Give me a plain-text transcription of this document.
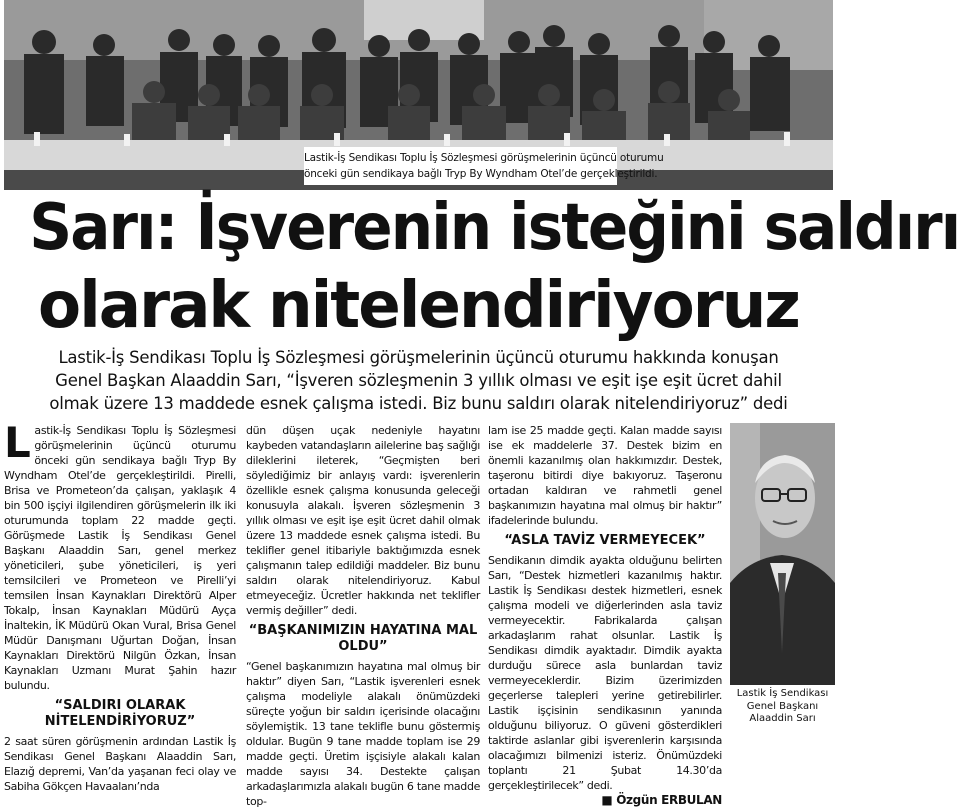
Lastik-İş Sendikası Toplu İş Sözleşmesi görüşmelerinin üçüncü oturumu
önceki gün sendikaya bağlı Tryp By Wyndham Otel’de gerçekleştirildi.
Sarı: İşverenin isteğini saldırı
olarak nitelendiriyoruz
Lastik-İş Sendikası Toplu İş Sözleşmesi görüşmelerinin üçüncü oturumu hakkında konuşan
Genel Başkan Alaaddin Sarı, “İşveren sözleşmenin 3 yıllık olması ve eşit işe eşit ücret dahil
olmak üzere 13 maddede esnek çalışma istedi. Biz bunu saldırı olarak nitelendiriyoruz” dedi

Lastik-İş Sendikası Toplu İş Sözleşmesi görüşmelerinin üçüncü oturumu önceki gün sendikaya bağlı Tryp By Wyndham Otel’de gerçekleştirildi. Pirelli, Brisa ve Prometeon’da çalışan, yaklaşık 4 bin 500 işçiyi ilgilendiren görüşmelerin ilk iki oturumunda toplam 22 madde geçti. Görüşmede Lastik İş Sendikası Genel Başkanı Alaaddin Sarı, genel merkez yöneticileri, şube yöneticileri, iş yeri temsilcileri ve Prometeon ve Pirelli’yi temsilen İnsan Kaynakları Direktörü Alper Tokalp, İnsan Kaynakları Müdürü Ayça İnaltekin, İK Müdürü Okan Vural, Brisa Genel Müdür Danışmanı Uğurtan Doğan, İnsan Kaynakları Direktörü Nilgün Özkan, İnsan Kaynakları Uzmanı Murat Şahin hazır bulundu.

“SALDIRI OLARAK NİTELENDİRİYORUZ”

2 saat süren görüşmenin ardından Lastik İş Sendikası Genel Başkanı Alaaddin Sarı, Elazığ depremi, Van’da yaşanan feci olay ve Sabiha Gökçen Havaalanı’nda

dün düşen uçak nedeniyle hayatını kaybeden vatandaşların ailelerine baş sağlığı dileklerini ileterek, “Geçmişten beri söylediğimiz bir anlayış vardı: işverenlerin özellikle esnek çalışma konusunda geleceği konusuyla alakalı. İşveren sözleşmenin 3 yıllık olması ve eşit işe eşit ücret dahil olmak üzere 13 maddede esnek çalışma istedi. Bu teklifler genel itibariyle baktığımızda esnek çalışmanın talep edildiği maddeler. Biz bunu saldırı olarak nitelendiriyoruz. Kabul etmeyeceğiz. Ücretler hakkında net teklifler vermiş değiller” dedi.

“BAŞKANIMIZIN HAYATINA MAL OLDU”

“Genel başkanımızın hayatına mal olmuş bir haktır” diyen Sarı, “Lastik işverenleri esnek çalışma modeliyle alakalı önümüzdeki süreçte yoğun bir saldırı içerisinde olacağını söylemiştik. 13 tane teklifle bunu göstermiş oldular. Bugün 9 tane madde toplam ise 29 madde geçti. Üretim işçisiyle alakalı kalan madde sayısı 34. Destekte çalışan arkadaşlarımızla alakalı bugün 6 tane madde top-

lam ise 25 madde geçti. Kalan madde sayısı ise ek maddelerle 37. Destek bizim en önemli kazanılmış olan hakkımızdır. Destek, taşeronu bitirdi diye bakıyoruz. Taşeronu ortadan kaldıran ve rahmetli genel başkanımızın hayatına mal olmuş bir haktır” ifadelerinde bulundu.

“ASLA TAVİZ VERMEYECEK”

Sendikanın dimdik ayakta olduğunu belirten Sarı, “Destek hizmetleri kazanılmış haktır. Lastik İş Sendikası destek hizmetleri, esnek çalışma modeli ve diğerlerinden asla taviz vermeyecektir. Fabrikalarda çalışan arkadaşlarım rahat olsunlar. Lastik İş Sendikası dimdik ayaktadır. Dimdik ayakta durduğu sürece asla bunlardan taviz vermeyeceklerdir. Bizim üzerimizden geçerlerse talepleri yerine getirebilirler. Lastik işçisinin sendikasının yanında olduğunu biliyoruz. O güveni gösterdikleri taktirde aslanlar gibi işverenlerin karşısında olacağımızı bilmenizi isteriz. Önümüzdeki toplantı 21 Şubat 14.30’da gerçekleştirilecek” dedi.

■ Özgün ERBULAN
Lastik İş Sendikası
Genel Başkanı
Alaaddin Sarı
